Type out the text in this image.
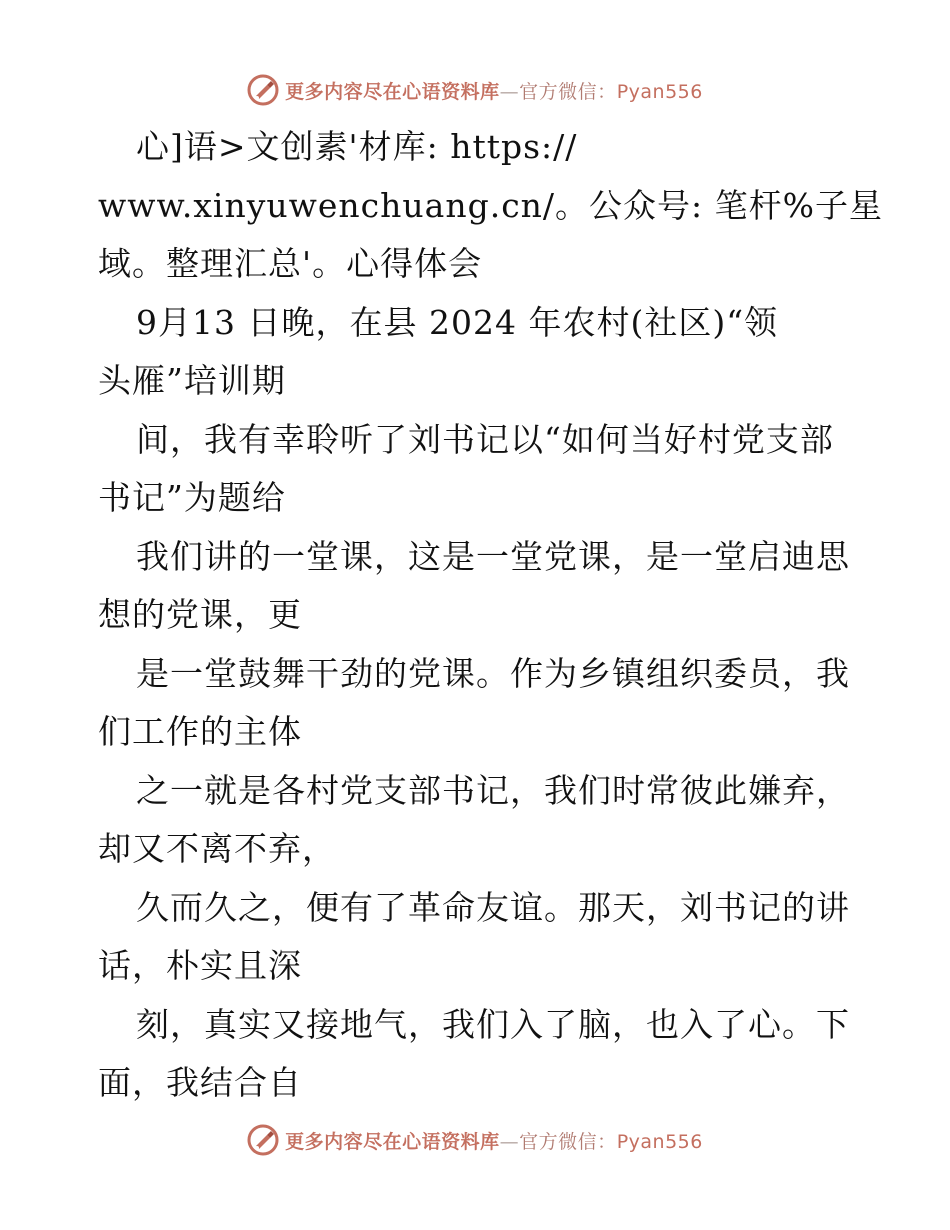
更多内容尽在心语资料库—官方微信：Pyan556
心]语>文创素'材库: https://
www.xinyuwenchuang.cn/。公众号: 笔杆%子星
域。整理汇总'。心得体会
9月13 日晚，在县 2024 年农村(社区)“领
头雁”培训期
间，我有幸聆听了刘书记以“如何当好村党支部
书记”为题给
我们讲的一堂课，这是一堂党课，是一堂启迪思
想的党课，更
是一堂鼓舞干劲的党课。作为乡镇组织委员，我
们工作的主体
之一就是各村党支部书记，我们时常彼此嫌弃，
却又不离不弃，
久而久之，便有了革命友谊。那天，刘书记的讲
话，朴实且深
刻，真实又接地气，我们入了脑，也入了心。下
面，我结合自
更多内容尽在心语资料库—官方微信：Pyan556
